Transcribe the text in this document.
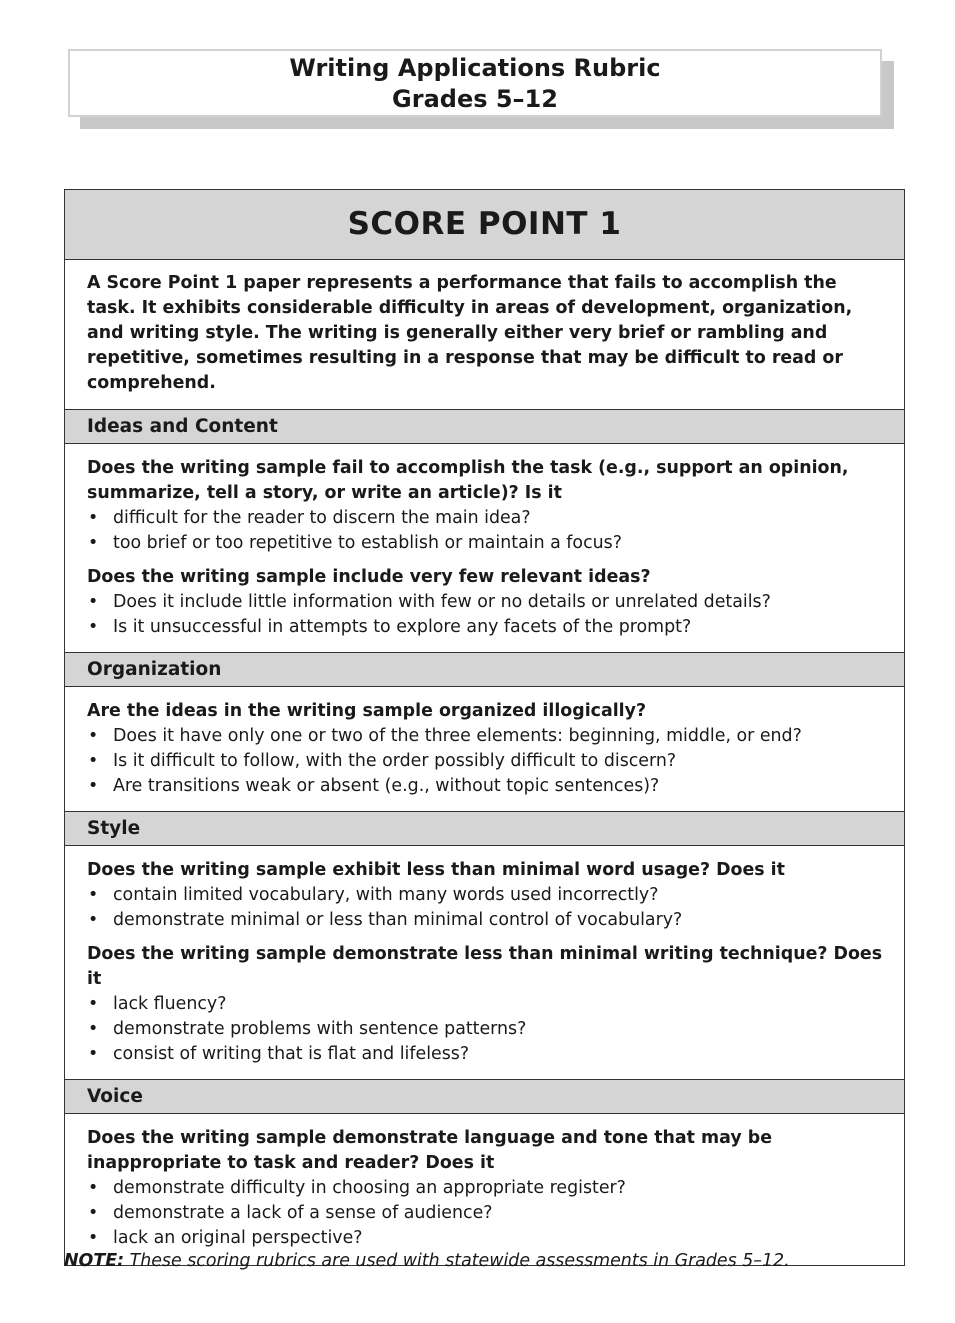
Writing Applications Rubric
Grades 5–12
SCORE POINT 1
A Score Point 1 paper represents a performance that fails to accomplish the task. It exhibits considerable difficulty in areas of development, organization, and writing style. The writing is generally either very brief or rambling and repetitive, sometimes resulting in a response that may be difficult to read or comprehend.
Ideas and Content
Does the writing sample fail to accomplish the task (e.g., support an opinion, summarize, tell a story, or write an article)? Is it
• difficult for the reader to discern the main idea?
• too brief or too repetitive to establish or maintain a focus?
Does the writing sample include very few relevant ideas?
• Does it include little information with few or no details or unrelated details?
• Is it unsuccessful in attempts to explore any facets of the prompt?
Organization
Are the ideas in the writing sample organized illogically?
• Does it have only one or two of the three elements: beginning, middle, or end?
• Is it difficult to follow, with the order possibly difficult to discern?
• Are transitions weak or absent (e.g., without topic sentences)?
Style
Does the writing sample exhibit less than minimal word usage? Does it
• contain limited vocabulary, with many words used incorrectly?
• demonstrate minimal or less than minimal control of vocabulary?
Does the writing sample demonstrate less than minimal writing technique? Does it
• lack fluency?
• demonstrate problems with sentence patterns?
• consist of writing that is flat and lifeless?
Voice
Does the writing sample demonstrate language and tone that may be inappropriate to task and reader? Does it
• demonstrate difficulty in choosing an appropriate register?
• demonstrate a lack of a sense of audience?
• lack an original perspective?
NOTE: These scoring rubrics are used with statewide assessments in Grades 5–12.
